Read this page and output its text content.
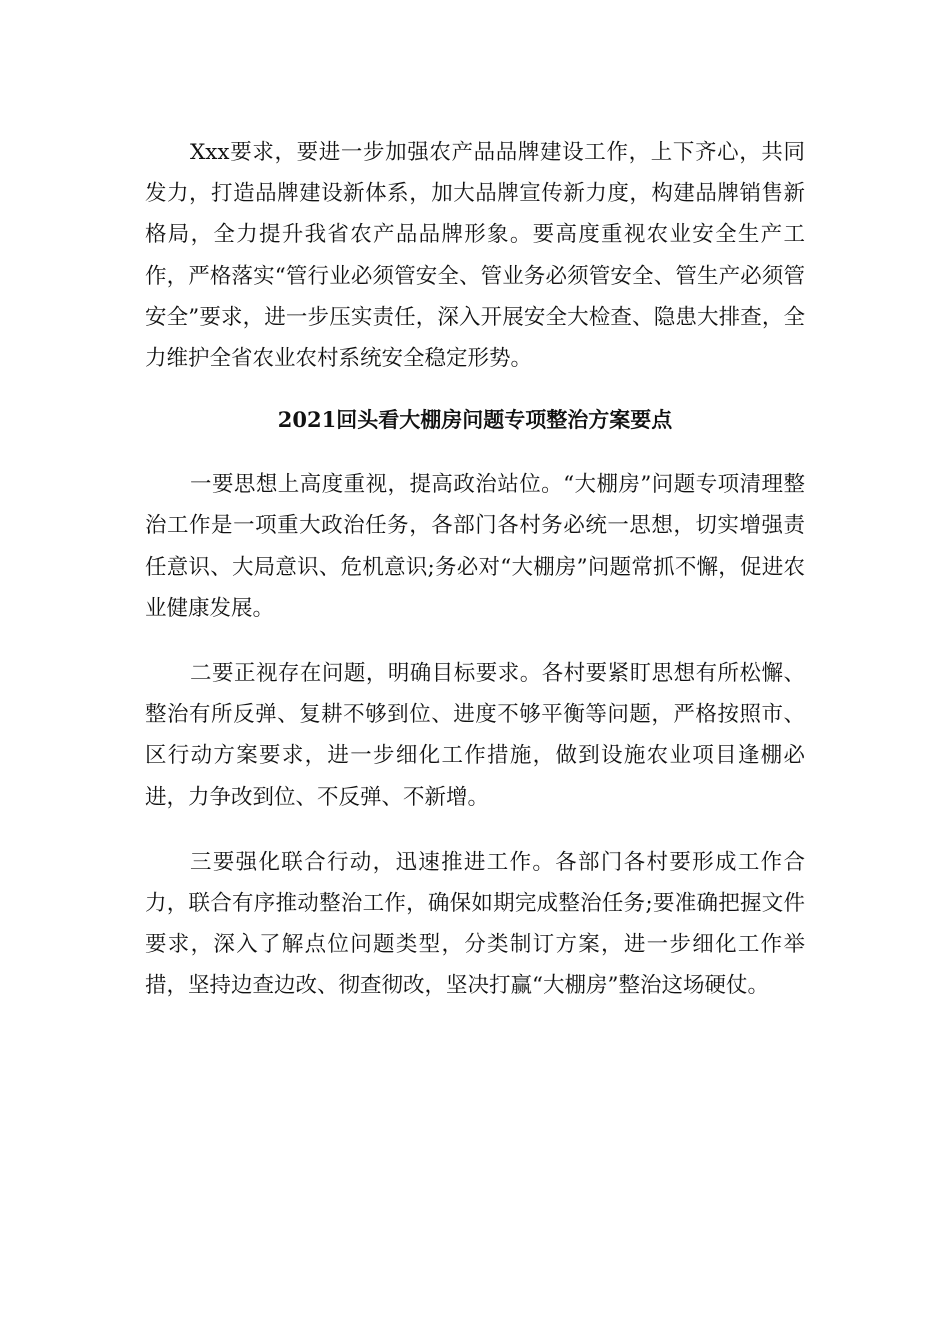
Xxx要求，要进一步加强农产品品牌建设工作，上下齐心，共同发力，打造品牌建设新体系，加大品牌宣传新力度，构建品牌销售新格局，全力提升我省农产品品牌形象。要高度重视农业安全生产工作，严格落实“管行业必须管安全、管业务必须管安全、管生产必须管安全”要求，进一步压实责任，深入开展安全大检查、隐患大排查，全力维护全省农业农村系统安全稳定形势。

2021回头看大棚房问题专项整治方案要点

一要思想上高度重视，提高政治站位。“大棚房”问题专项清理整治工作是一项重大政治任务，各部门各村务必统一思想，切实增强责任意识、大局意识、危机意识;务必对“大棚房”问题常抓不懈，促进农业健康发展。

二要正视存在问题，明确目标要求。各村要紧盯思想有所松懈、整治有所反弹、复耕不够到位、进度不够平衡等问题，严格按照市、区行动方案要求，进一步细化工作措施，做到设施农业项目逢棚必进，力争改到位、不反弹、不新增。

三要强化联合行动，迅速推进工作。各部门各村要形成工作合力，联合有序推动整治工作，确保如期完成整治任务;要准确把握文件要求，深入了解点位问题类型，分类制订方案，进一步细化工作举措，坚持边查边改、彻查彻改，坚决打赢“大棚房”整治这场硬仗。
